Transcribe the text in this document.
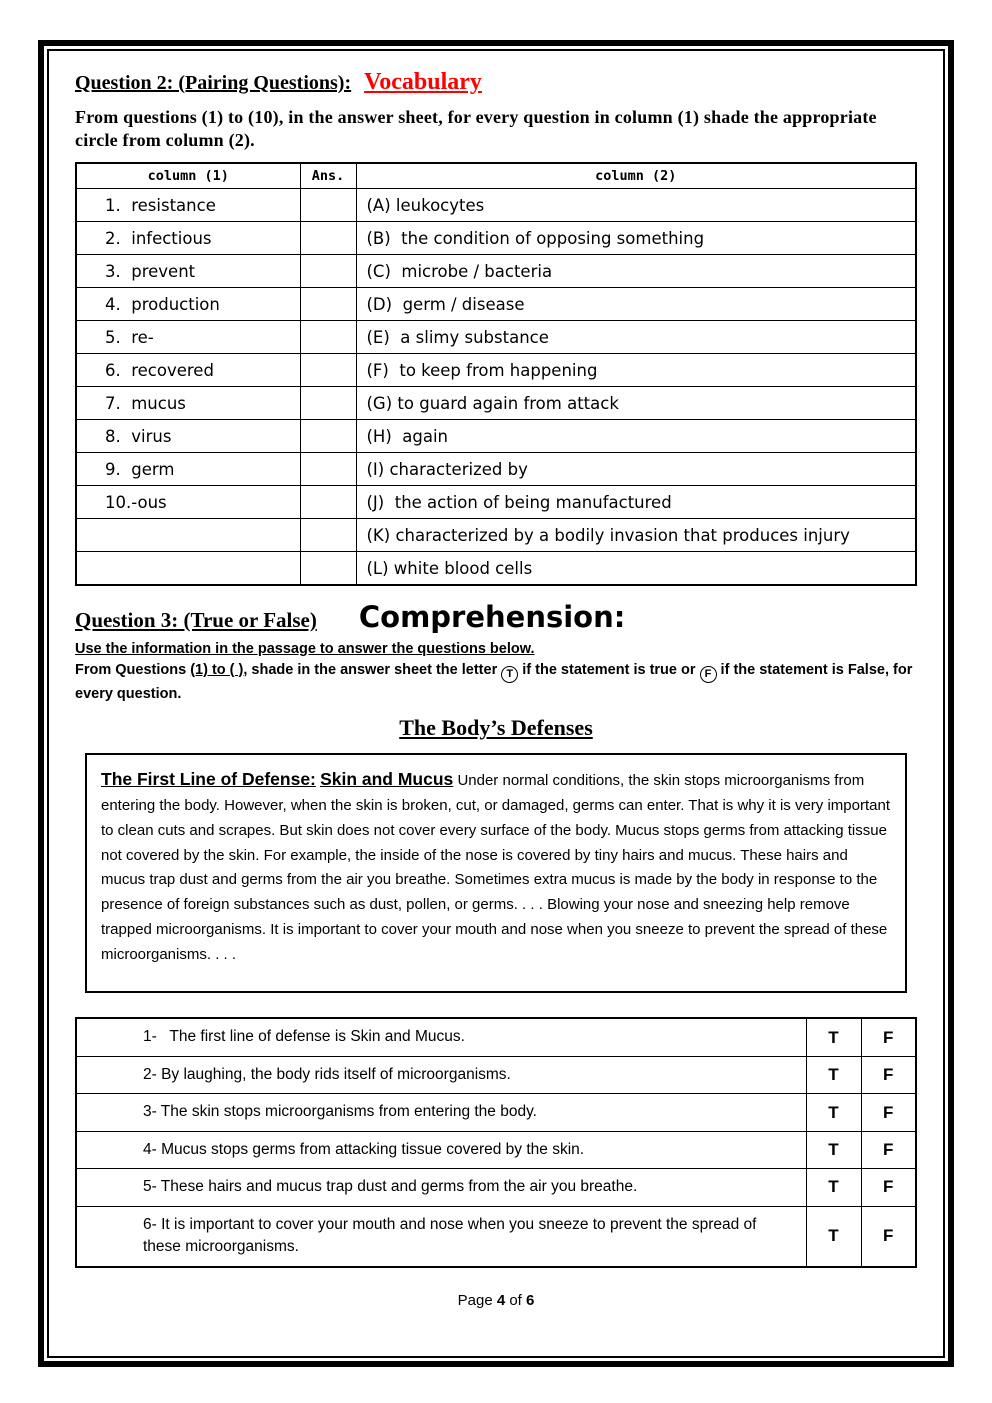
Question 2: (Pairing Questions): Vocabulary

From questions (1) to (10), in the answer sheet, for every question in column (1) shade the appropriate circle from column (2).

column (1)	Ans.	column (2)
1.  resistance		(A) leukocytes
2.  infectious		(B)  the condition of opposing something
3.  prevent		(C)  microbe / bacteria
4.  production		(D)  germ / disease
5.  re-		(E)  a slimy substance
6.  recovered		(F)  to keep from happening
7.  mucus		(G) to guard again from attack
8.  virus		(H)  again
9.  germ		(I) characterized by
10.-ous		(J)  the action of being manufactured
		(K) characterized by a bodily invasion that produces injury
		(L) white blood cells
Question 3: (True or False) Comprehension:

Use the information in the passage to answer the questions below.

From Questions (1) to ( ), shade in the answer sheet the letter T if the statement is true or F if the statement is False, for every question.

The Body’s Defenses
The First Line of Defense: Skin and Mucus Under normal conditions, the skin stops microorganisms from entering the body. However, when the skin is broken, cut, or damaged, germs can enter. That is why it is very important to clean cuts and scrapes. But skin does not cover every surface of the body. Mucus stops germs from attacking tissue not covered by the skin. For example, the inside of the nose is covered by tiny hairs and mucus. These hairs and mucus trap dust and germs from the air you breathe. Sometimes extra mucus is made by the body in response to the presence of foreign substances such as dust, pollen, or germs. . . . Blowing your nose and sneezing help remove trapped microorganisms. It is important to cover your mouth and nose when you sneeze to prevent the spread of these microorganisms. . . .
1-   The first line of defense is Skin and Mucus.	T	F
2- By laughing, the body rids itself of microorganisms.	T	F
3- The skin stops microorganisms from entering the body.	T	F
4- Mucus stops germs from attacking tissue covered by the skin.	T	F
5- These hairs and mucus trap dust and germs from the air you breathe.	T	F
6- It is important to cover your mouth and nose when you sneeze to prevent the spread of these microorganisms.	T	F
Page 4 of 6
